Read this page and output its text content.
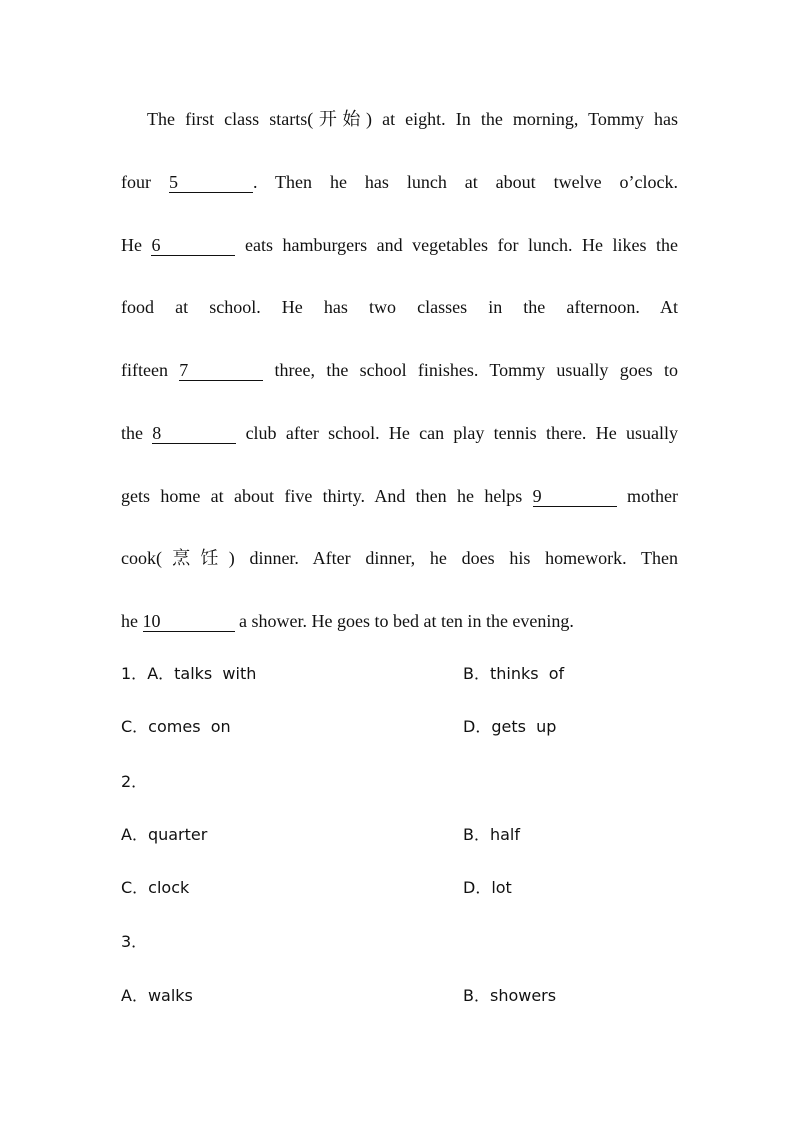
The first class starts(开始) at eight. In the morning, Tommy has
four 5	. Then he has lunch at about twelve o’clock.
He 6	eats hamburgers and vegetables for lunch. He likes the
food at school. He has two classes in the afternoon. At
fifteen 7	three, the school finishes. Tommy usually goes to
the 8	club after school. He can play tennis there. He usually
gets home at about five thirty. And then he helps 9	mother
cook(烹饪) dinner. After dinner, he does his homework. Then
he 10	a shower. He goes to bed at ten in the evening.
1．A．talks  with	B．thinks  of
C．comes  on	D．gets  up
2．
A．quarter	B．half
C．clock	D．lot
3．
A．walks	B．showers
